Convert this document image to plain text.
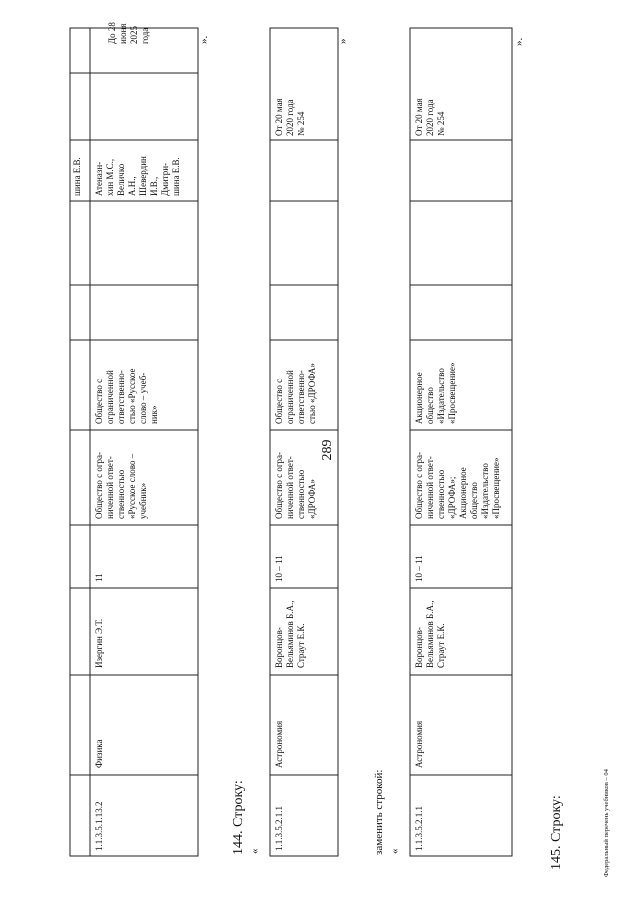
289
До 28 июня 2025 года
шина Е.В. Атеназн- хин М.С., Величко А.Н., Шевердин И.В., Дмитри- шина Е.В.
Общество с ограниченной ответственно- стью «Русское слово – учеб- ник»
Общество с огра- ниченной ответ- ственностью «Русское слово – учебник»
11
Изергин Э.Т.
Физика
1.1.3.5.1.13.2
».
144. Строку: «
От 20 мая 2020 года № 254
Общество с ограниченной ответственно- стью «ДРОФА»
Общество с огра- ниченной ответ- ственностью «ДРОФА»
10 – 11
Воронцов- Вельяминов Б.А., Страут Е.К.
Астрономия
1.1.3.5.2.1.1
»
заменить строкой: «
От 20 мая 2020 года № 254
Акционерное общество «Издательство «Просвещение»
Общество с огра- ниченной ответ- ственностью «ДРОФА»; Акционерное общество «Издательство «Просвещение»
10 – 11
Воронцов- Вельяминов Б.А., Страут Е.К.
Астрономия
1.1.3.5.2.1.1
».
145. Строку:	Федеральный перечень учебников – 04
